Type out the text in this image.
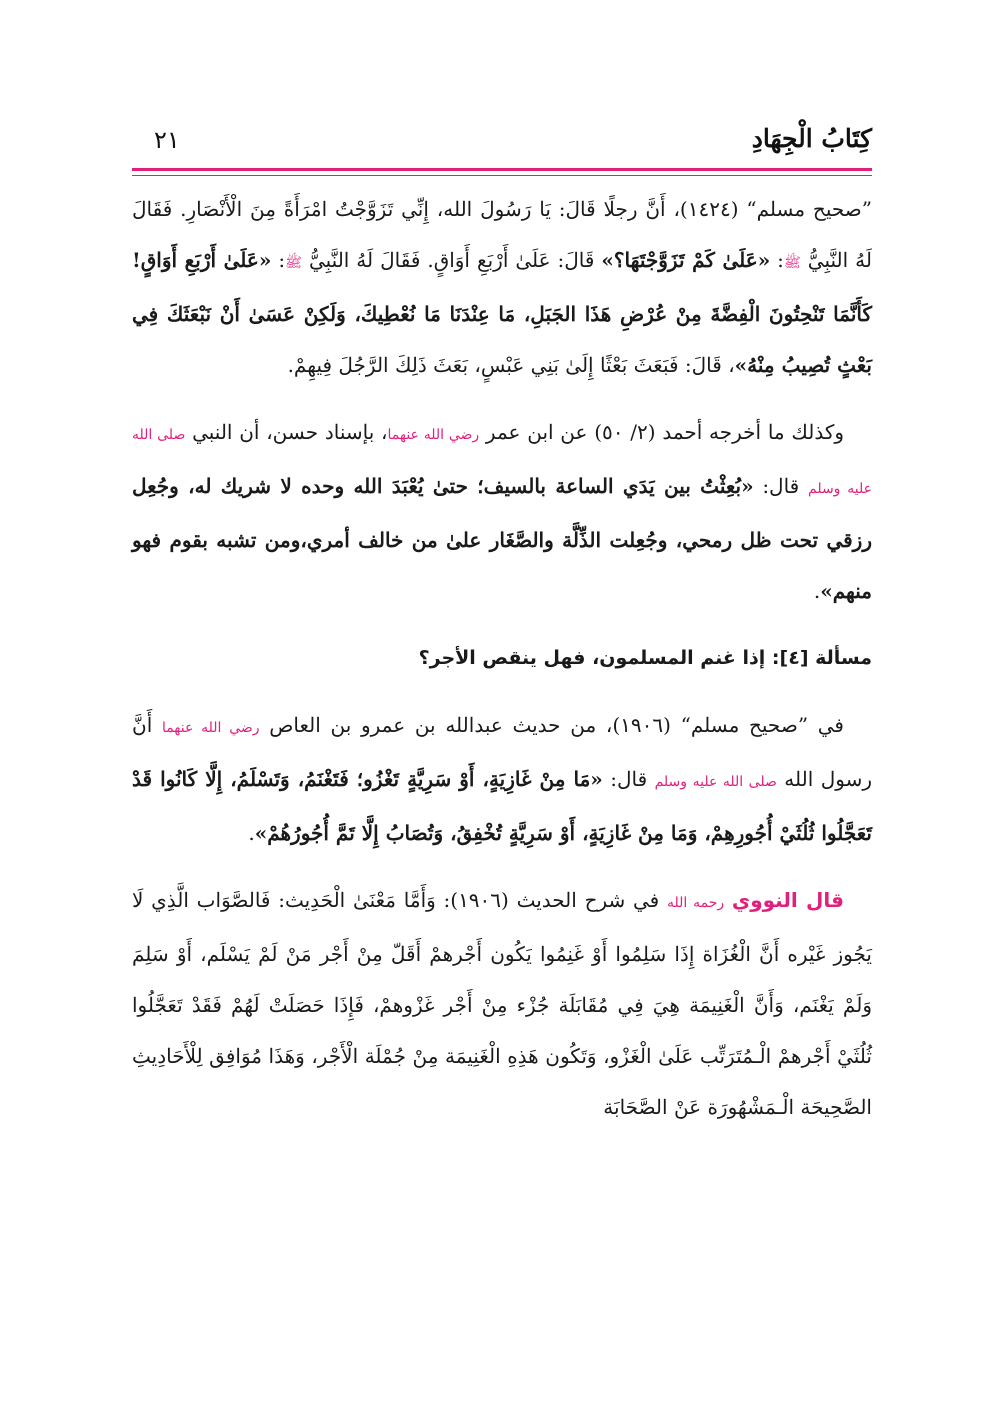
كِتَابُ الْجِهَادِ
٢١

”صحيح مسلم“ (١٤٢٤)، أَنَّ رجلًا قَالَ: يَا رَسُولَ الله، إِنِّي تَزَوَّجْتُ امْرَأَةً مِنَ الْأَنْصَارِ. فَقَالَ لَهُ النَّبِيُّ ﷺ: «عَلَىٰ كَمْ تَزَوَّجْتَهَا؟» قَالَ: عَلَىٰ أَرْبَعِ أَوَاقٍ. فَقَالَ لَهُ النَّبِيُّ ﷺ: «عَلَىٰ أَرْبَعِ أَوَاقٍ! كَأَنَّمَا تَنْحِتُونَ الْفِضَّةَ مِنْ عُرْضِ هَذَا الجَبَلِ، مَا عِنْدَنَا مَا نُعْطِيكَ، وَلَكِنْ عَسَىٰ أَنْ نَبْعَثَكَ فِي بَعْثٍ تُصِيبُ مِنْهُ»، قَالَ: فَبَعَثَ بَعْثًا إِلَىٰ بَنِي عَبْسٍ، بَعَثَ ذَلِكَ الرَّجُلَ فِيهِمْ.

وكذلك ما أخرجه أحمد (٢/ ٥٠) عن ابن عمر رضي الله عنهما، بإسناد حسن، أن النبي صلى الله عليه وسلم قال: «بُعِثْتُ بين يَدَي الساعة بالسيف؛ حتىٰ يُعْبَدَ الله وحده لا شريك له، وجُعِل رزقي تحت ظل رمحي، وجُعِلت الذِّلَّة والصَّغَار علىٰ من خالف أمري،ومن تشبه بقوم فهو منهم».

مسألة [٤]: إذا غنم المسلمون، فهل ينقص الأجر؟

في ”صحيح مسلم“ (١٩٠٦)، من حديث عبدالله بن عمرو بن العاص رضي الله عنهما أَنَّ رسول الله صلى الله عليه وسلم قال: «مَا مِنْ غَازِيَةٍ، أَوْ سَرِيَّةٍ تَغْزُو؛ فَتَغْنَمُ، وَتَسْلَمُ، إِلَّا كَانُوا قَدْ تَعَجَّلُوا ثُلُثَيْ أُجُورِهِمْ، وَمَا مِنْ غَازِيَةٍ، أَوْ سَرِيَّةٍ تُخْفِقُ، وَتُصَابُ إِلَّا تَمَّ أُجُورُهُمْ».

قال النووي رحمه الله في شرح الحديث (١٩٠٦): وَأَمَّا مَعْنَىٰ الْحَدِيث: فَالصَّوَاب الَّذِي لَا يَجُوز غَيْره أَنَّ الْغُزَاة إِذَا سَلِمُوا أَوْ غَنِمُوا يَكُون أَجْرهمْ أَقَلّ مِنْ أَجْر مَنْ لَمْ يَسْلَم، أَوْ سَلِمَ وَلَمْ يَغْنَم، وَأَنَّ الْغَنِيمَة هِيَ فِي مُقَابَلَة جُزْء مِنْ أَجْر غَزْوهمْ، فَإِذَا حَصَلَتْ لَهُمْ فَقَدْ تَعَجَّلُوا ثُلُثَيْ أَجْرهمْ الْـمُتَرَتِّب عَلَىٰ الْغَزْو، وَتَكُون هَذِهِ الْغَنِيمَة مِنْ جُمْلَة الْأَجْر، وَهَذَا مُوَافِق لِلْأَحَادِيثِ الصَّحِيحَة الْـمَشْهُورَة عَنْ الصَّحَابَة
